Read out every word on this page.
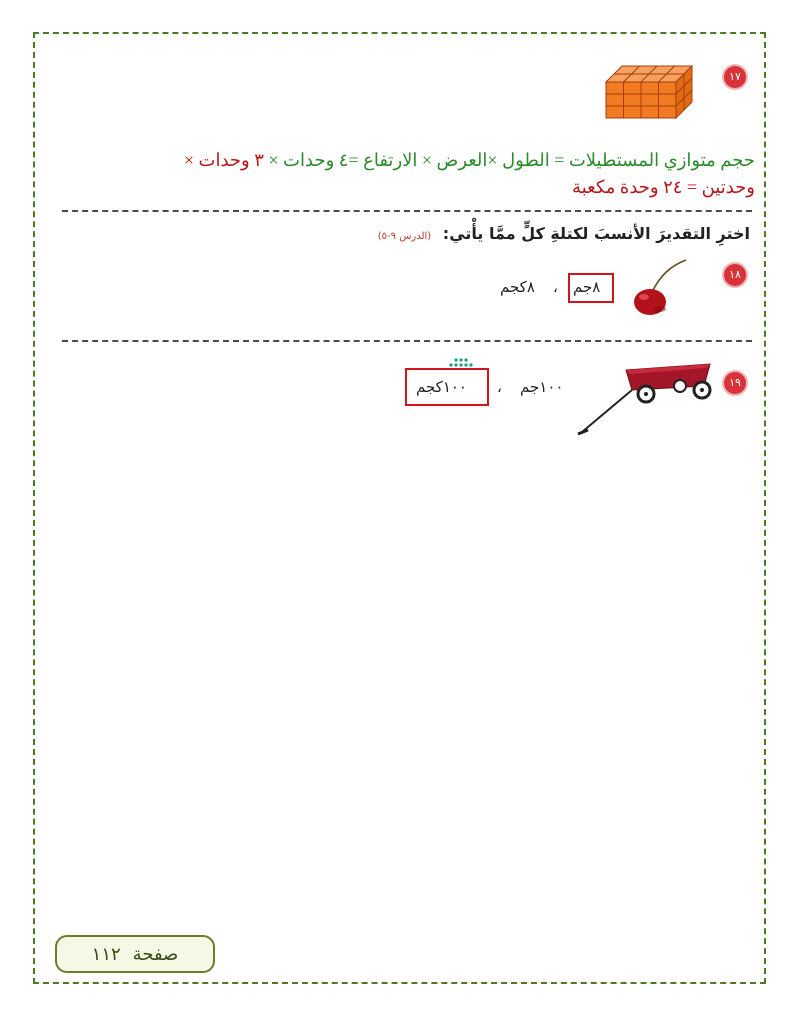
١٧
حجم متوازي المستطيلات = الطول ×العرض × الارتفاع =٤ وحدات × ٣ وحدات ×
وحدتين = ٢٤ وحدة مكعبة
اخترِ التقديرَ الأنسبَ لكتلةِ كلٍّ ممَّا يأْتي: (الدرس ٩-٥)
١٨
٨جم
،
٨كجم
١٩
١٠٠جم
،
١٠٠كجم
صفحة
١١٢
